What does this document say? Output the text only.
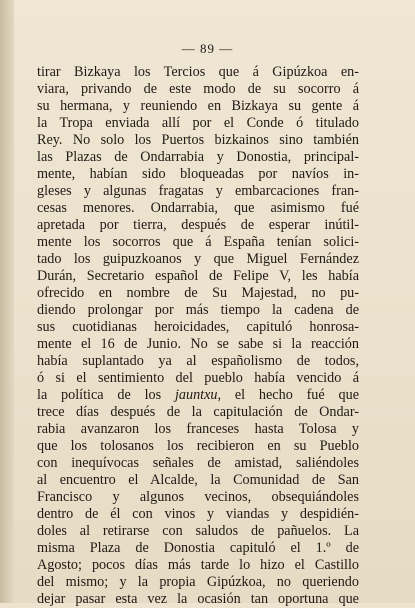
— 89 —
tirar Bizkaya los Tercios que á Gipúzkoa en-
viara, privando de este modo de su socorro á
su hermana, y reuniendo en Bizkaya su gente á
la Tropa enviada allí por el Conde ó titulado
Rey. No solo los Puertos bizkainos sino también
las Plazas de Ondarrabia y Donostia, principal-
mente, habían sido bloqueadas por navíos in-
gleses y algunas fragatas y embarcaciones fran-
cesas menores. Ondarrabia, que asimismo fué
apretada por tierra, después de esperar inútil-
mente los socorros que á España tenían solici-
tado los guipuzkoanos y que Miguel Fernández
Durán, Secretario español de Felipe V, les había
ofrecido en nombre de Su Majestad, no pu-
diendo prolongar por más tiempo la cadena de
sus cuotidianas heroicidades, capituló honrosa-
mente el 16 de Junio. No se sabe si la reacción
había suplantado ya al españolismo de todos,
ó si el sentimiento del pueblo había vencido á
la política de los jauntxu, el hecho fué que
trece días después de la capitulación de Ondar-
rabia avanzaron los franceses hasta Tolosa y
que los tolosanos los recibieron en su Pueblo
con inequívocas señales de amistad, saliéndoles
al encuentro el Alcalde, la Comunidad de San
Francisco y algunos vecinos, obsequiándoles
dentro de él con vinos y viandas y despidién-
doles al retirarse con saludos de pañuelos. La
misma Plaza de Donostia capituló el 1.º de
Agosto; pocos días más tarde lo hizo el Castillo
del mismo; y la propia Gipúzkoa, no queriendo
dejar pasar esta vez la ocasión tan oportuna que
